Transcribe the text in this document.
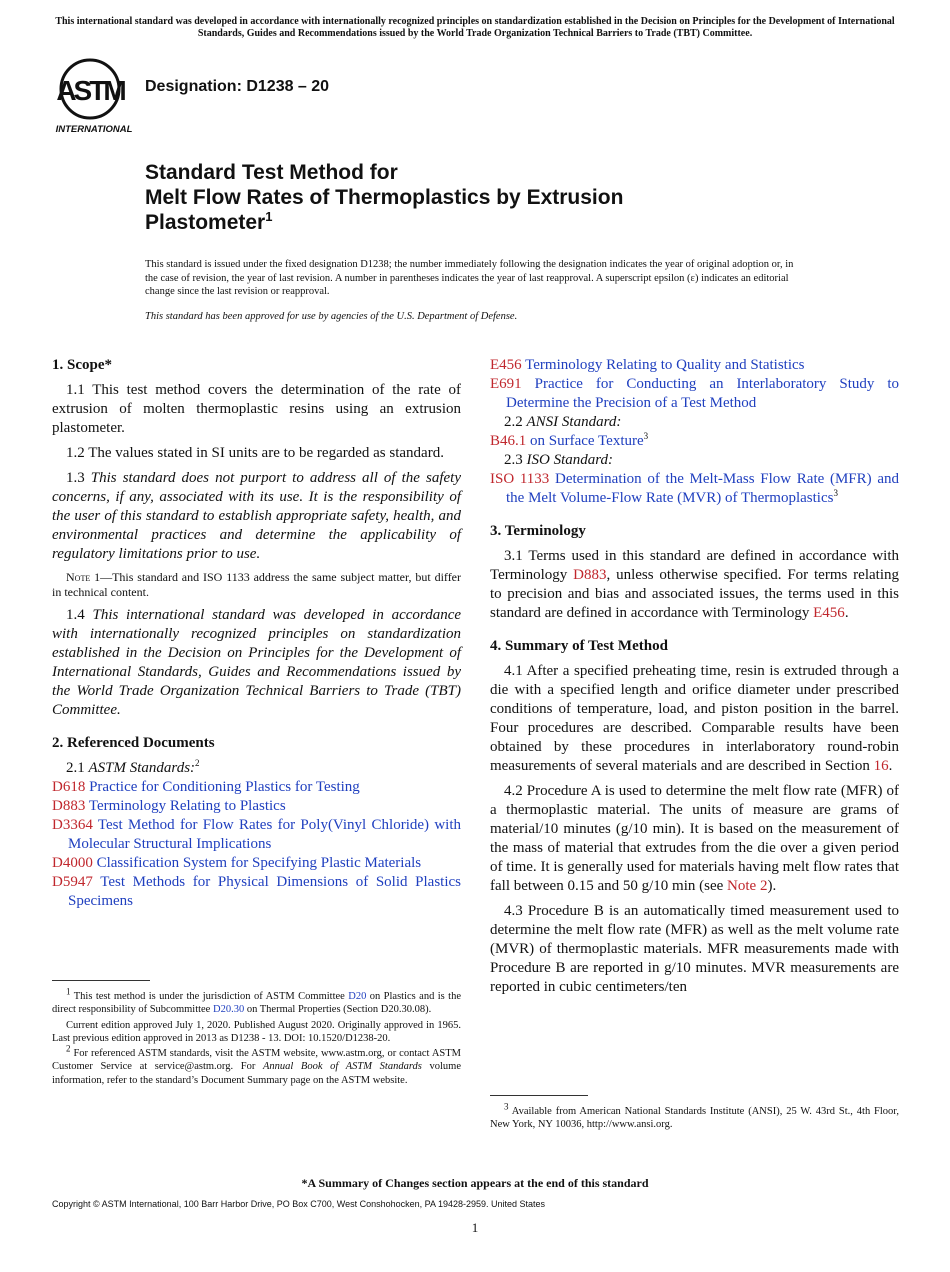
This international standard was developed in accordance with internationally recognized principles on standardization established in the Decision on Principles for the Development of International Standards, Guides and Recommendations issued by the World Trade Organization Technical Barriers to Trade (TBT) Committee.
ASTM
INTERNATIONAL
Designation: D1238 – 20
Standard Test Method for
Melt Flow Rates of Thermoplastics by Extrusion
Plastometer$^1$
This standard is issued under the fixed designation D1238; the number immediately following the designation indicates the year of original adoption or, in the case of revision, the year of last revision. A number in parentheses indicates the year of last reapproval. A superscript epsilon (ε) indicates an editorial change since the last revision or reapproval.
This standard has been approved for use by agencies of the U.S. Department of Defense.

1. Scope*

1.1 This test method covers the determination of the rate of extrusion of molten thermoplastic resins using an extrusion plastometer.

1.2 The values stated in SI units are to be regarded as standard.

1.3 This standard does not purport to address all of the safety concerns, if any, associated with its use. It is the responsibility of the user of this standard to establish appropriate safety, health, and environmental practices and determine the applicability of regulatory limitations prior to use.

Note 1—This standard and ISO 1133 address the same subject matter, but differ in technical content.

1.4 This international standard was developed in accordance with internationally recognized principles on standardization established in the Decision on Principles for the Development of International Standards, Guides and Recommendations issued by the World Trade Organization Technical Barriers to Trade (TBT) Committee.

2. Referenced Documents

2.1 ASTM Standards:$^2$

D618 Practice for Conditioning Plastics for Testing

D883 Terminology Relating to Plastics

D3364 Test Method for Flow Rates for Poly(Vinyl Chloride) with Molecular Structural Implications

D4000 Classification System for Specifying Plastic Materials

D5947 Test Methods for Physical Dimensions of Solid Plastics Specimens

E456 Terminology Relating to Quality and Statistics

E691 Practice for Conducting an Interlaboratory Study to Determine the Precision of a Test Method

2.2 ANSI Standard:

B46.1 on Surface Texture$^3$

2.3 ISO Standard:

ISO 1133 Determination of the Melt-Mass Flow Rate (MFR) and the Melt Volume-Flow Rate (MVR) of Thermoplastics$^3$

3. Terminology

3.1 Terms used in this standard are defined in accordance with Terminology D883, unless otherwise specified. For terms relating to precision and bias and associated issues, the terms used in this standard are defined in accordance with Terminology E456.

4. Summary of Test Method

4.1 After a specified preheating time, resin is extruded through a die with a specified length and orifice diameter under prescribed conditions of temperature, load, and piston position in the barrel. Four procedures are described. Comparable results have been obtained by these procedures in interlaboratory round-robin measurements of several materials and are described in Section 16.

4.2 Procedure A is used to determine the melt flow rate (MFR) of a thermoplastic material. The units of measure are grams of material/10 minutes (g/10 min). It is based on the measurement of the mass of material that extrudes from the die over a given period of time. It is generally used for materials having melt flow rates that fall between 0.15 and 50 g/10 min (see Note 2).

4.3 Procedure B is an automatically timed measurement used to determine the melt flow rate (MFR) as well as the melt volume rate (MVR) of thermoplastic materials. MFR measurements made with Procedure B are reported in g/10 minutes. MVR measurements are reported in cubic centimeters/ten

$^1$ This test method is under the jurisdiction of ASTM Committee D20 on Plastics and is the direct responsibility of Subcommittee D20.30 on Thermal Properties (Section D20.30.08).

Current edition approved July 1, 2020. Published August 2020. Originally approved in 1965. Last previous edition approved in 2013 as D1238 - 13. DOI: 10.1520/D1238-20.

$^2$ For referenced ASTM standards, visit the ASTM website, www.astm.org, or contact ASTM Customer Service at service@astm.org. For Annual Book of ASTM Standards volume information, refer to the standard’s Document Summary page on the ASTM website.

$^3$ Available from American National Standards Institute (ANSI), 25 W. 43rd St., 4th Floor, New York, NY 10036, http://www.ansi.org.

*A Summary of Changes section appears at the end of this standard
Copyright © ASTM International, 100 Barr Harbor Drive, PO Box C700, West Conshohocken, PA 19428-2959. United States
1
